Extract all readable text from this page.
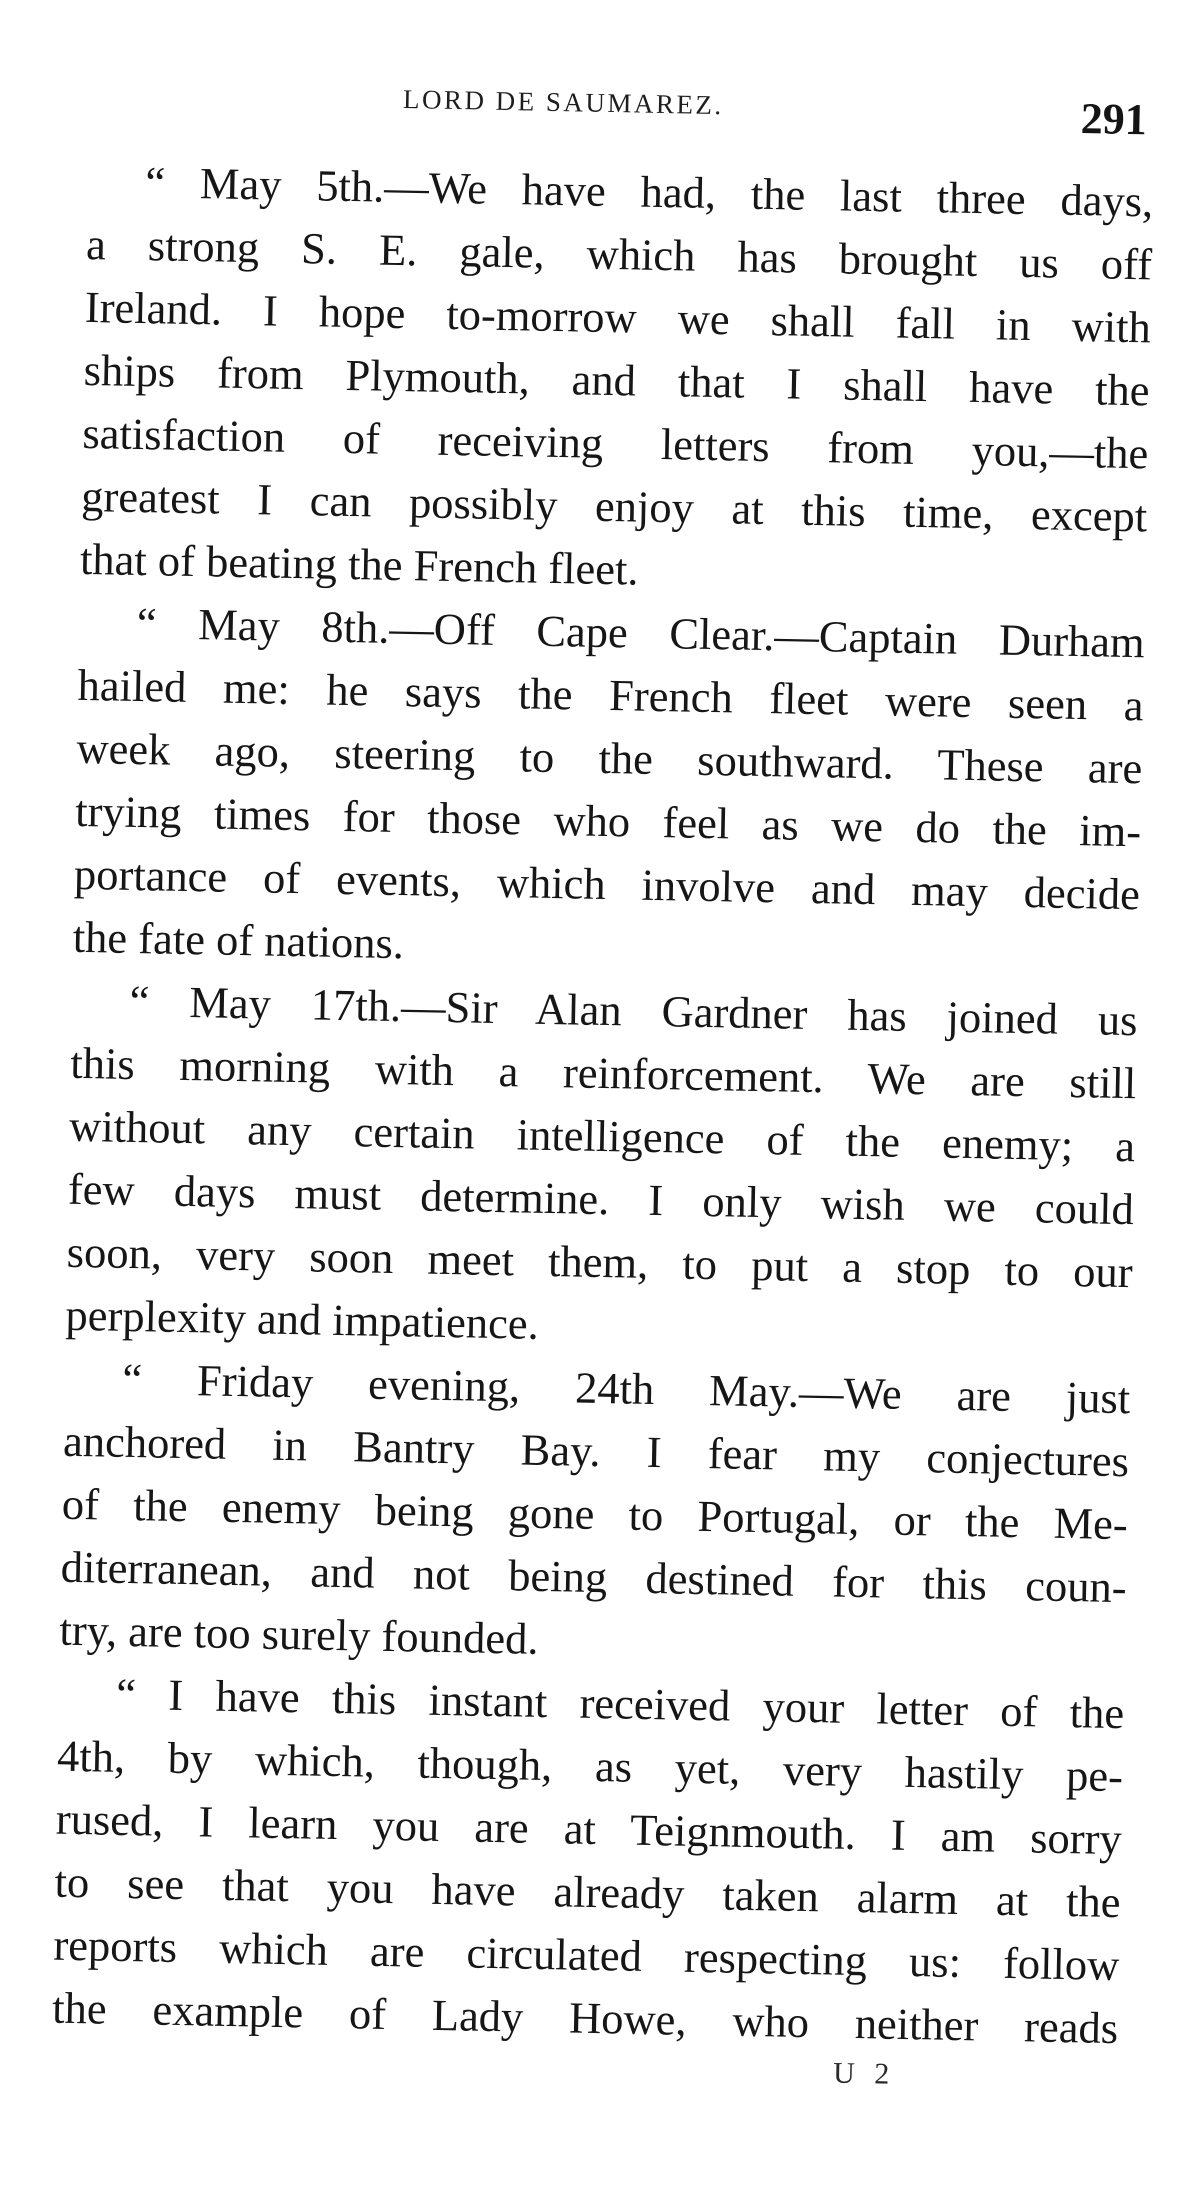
LORD DE SAUMAREZ.	291
“ May 5th.—We have had, the last three days,
a strong S. E. gale, which has brought us off
Ireland. I hope to-morrow we shall fall in with
ships from Plymouth, and that I shall have the
satisfaction of receiving letters from you,—the
greatest I can possibly enjoy at this time, except
that of beating the French fleet.
“ May 8th.—Off Cape Clear.—Captain Durham
hailed me: he says the French fleet were seen a
week ago, steering to the southward. These are
trying times for those who feel as we do the im-
portance of events, which involve and may decide
the fate of nations.
“ May 17th.—Sir Alan Gardner has joined us
this morning with a reinforcement. We are still
without any certain intelligence of the enemy; a
few days must determine. I only wish we could
soon, very soon meet them, to put a stop to our
perplexity and impatience.
“ Friday evening, 24th May.—We are just
anchored in Bantry Bay. I fear my conjectures
of the enemy being gone to Portugal, or the Me-
diterranean, and not being destined for this coun-
try, are too surely founded.
“ I have this instant received your letter of the
4th, by which, though, as yet, very hastily pe-
rused, I learn you are at Teignmouth. I am sorry
to see that you have already taken alarm at the
reports which are circulated respecting us: follow
the example of Lady Howe, who neither reads
U 2
